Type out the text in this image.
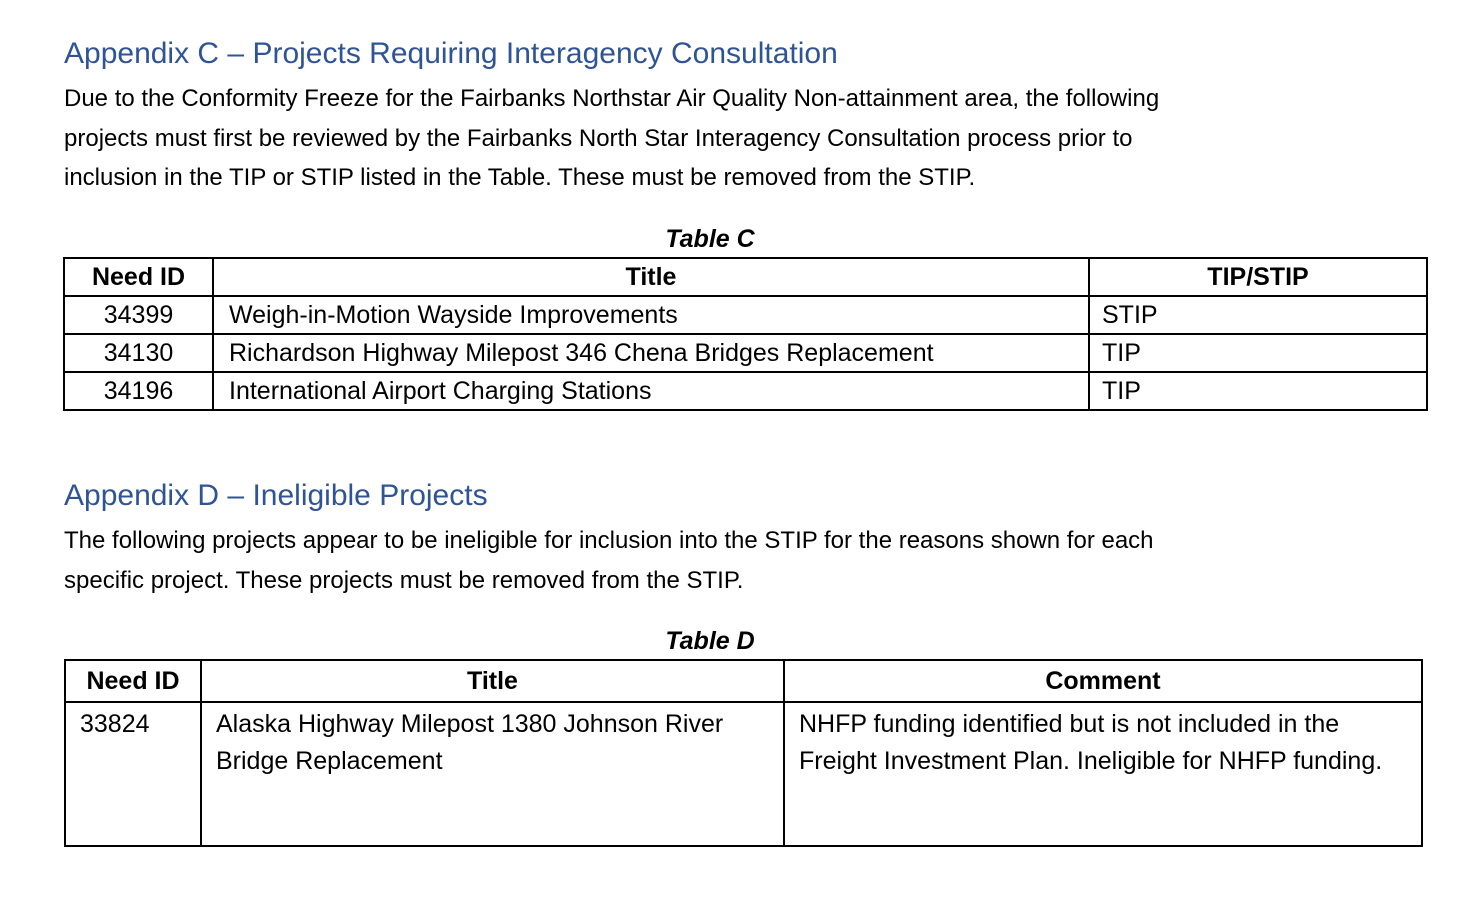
Appendix C – Projects Requiring Interagency Consultation
Due to the Conformity Freeze for the Fairbanks Northstar Air Quality Non-attainment area, the following
projects must first be reviewed by the Fairbanks North Star Interagency Consultation process prior to
inclusion in the TIP or STIP listed in the Table. These must be removed from the STIP.
Table C
Need ID	Title	TIP/STIP
34399	Weigh-in-Motion Wayside Improvements	STIP
34130	Richardson Highway Milepost 346 Chena Bridges Replacement	TIP
34196	International Airport Charging Stations	TIP
Appendix D – Ineligible Projects
The following projects appear to be ineligible for inclusion into the STIP for the reasons shown for each
specific project. These projects must be removed from the STIP.
Table D
Need ID	Title	Comment
33824	Alaska Highway Milepost 1380 Johnson River Bridge Replacement	NHFP funding identified but is not included in the Freight Investment Plan. Ineligible for NHFP funding.
